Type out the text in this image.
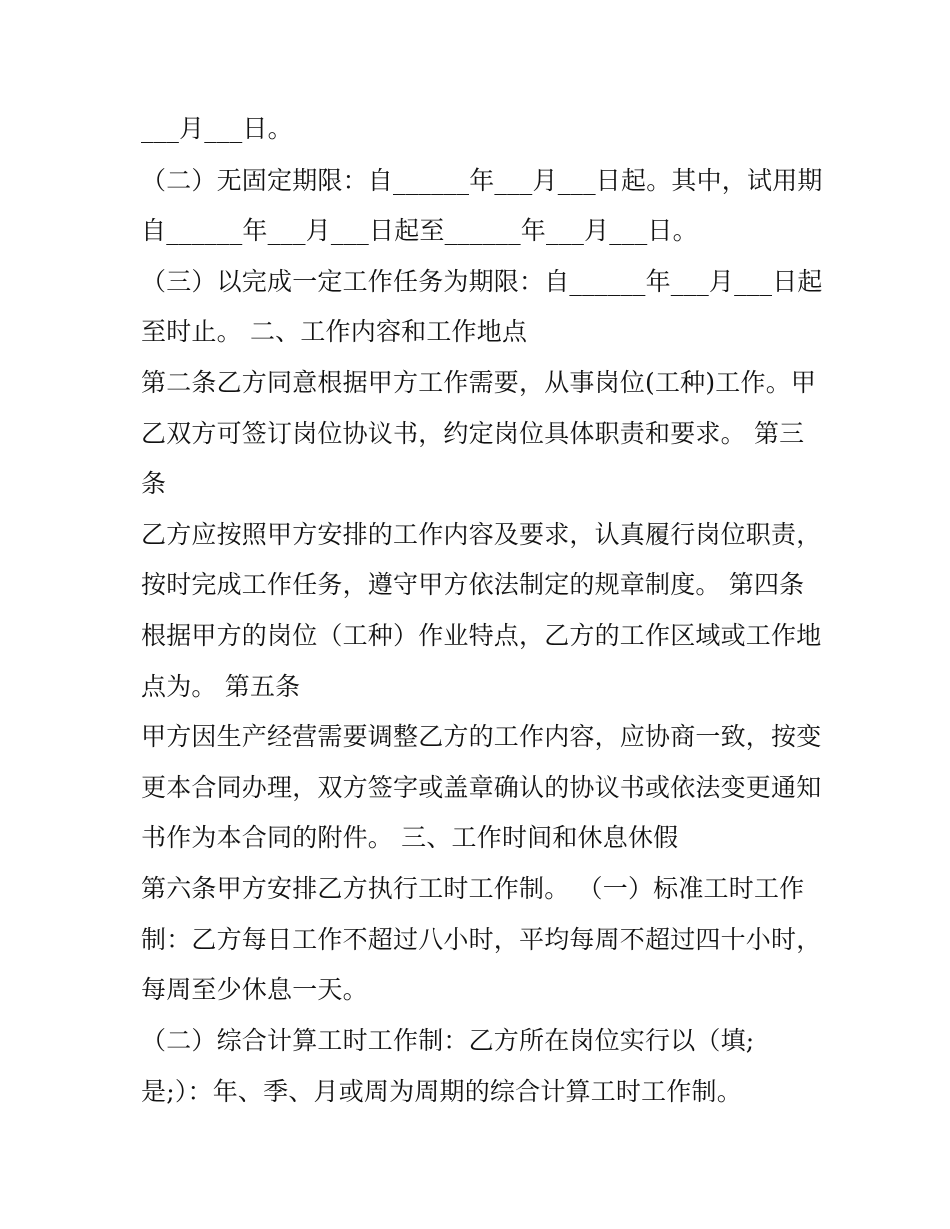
___月___日。
（二）无固定期限：自______年___月___日起。其中，试用期
自______年___月___日起至______年___月___日。
（三）以完成一定工作任务为期限：自______年___月___日起
至时止。 二、工作内容和工作地点
第二条乙方同意根据甲方工作需要，从事岗位(工种)工作。甲
乙双方可签订岗位协议书，约定岗位具体职责和要求。 第三
条
乙方应按照甲方安排的工作内容及要求，认真履行岗位职责，
按时完成工作任务，遵守甲方依法制定的规章制度。 第四条
根据甲方的岗位（工种）作业特点，乙方的工作区域或工作地
点为。 第五条
甲方因生产经营需要调整乙方的工作内容，应协商一致，按变
更本合同办理，双方签字或盖章确认的协议书或依法变更通知
书作为本合同的附件。 三、工作时间和休息休假
第六条甲方安排乙方执行工时工作制。 （一）标准工时工作
制：乙方每日工作不超过八小时，平均每周不超过四十小时，
每周至少休息一天。
（二）综合计算工时工作制：乙方所在岗位实行以（填;
是;）：年、季、月或周为周期的综合计算工时工作制。
